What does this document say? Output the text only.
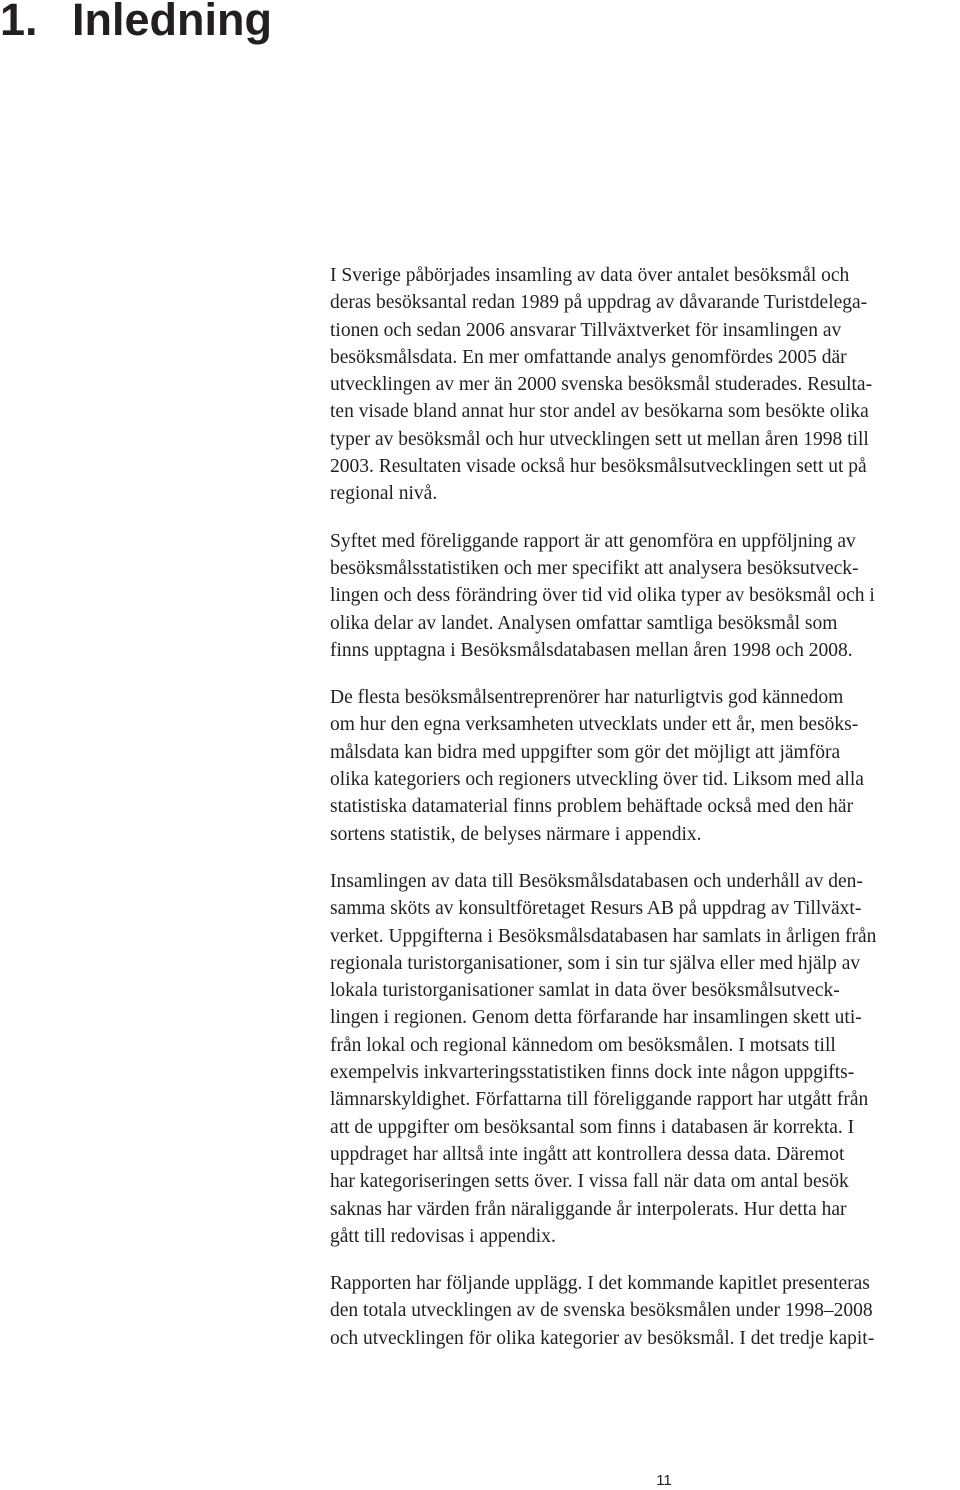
1. Inledning

I Sverige påbörjades insamling av data över antalet besöksmål och
deras besöksantal redan 1989 på uppdrag av dåvarande Turistdelega-
tionen och sedan 2006 ansvarar Tillväxtverket för insamlingen av
besöksmålsdata. En mer omfattande analys genomfördes 2005 där
utvecklingen av mer än 2000 svenska besöksmål studerades. Resulta-
ten visade bland annat hur stor andel av besökarna som besökte olika
typer av besöksmål och hur utvecklingen sett ut mellan åren 1998 till
2003. Resultaten visade också hur besöksmålsutvecklingen sett ut på
regional nivå.

Syftet med föreliggande rapport är att genomföra en uppföljning av
besöksmålsstatistiken och mer specifikt att analysera besöksutveck-
lingen och dess förändring över tid vid olika typer av besöksmål och i
olika delar av landet. Analysen omfattar samtliga besöksmål som
finns upptagna i Besöksmålsdatabasen mellan åren 1998 och 2008.

De flesta besöksmålsentreprenörer har naturligtvis god kännedom
om hur den egna verksamheten utvecklats under ett år, men besöks-
målsdata kan bidra med uppgifter som gör det möjligt att jämföra
olika kategoriers och regioners utveckling över tid. Liksom med alla
statistiska datamaterial finns problem behäftade också med den här
sortens statistik, de belyses närmare i appendix.

Insamlingen av data till Besöksmålsdatabasen och underhåll av den-
samma sköts av konsultföretaget Resurs AB på uppdrag av Tillväxt-
verket. Uppgifterna i Besöksmålsdatabasen har samlats in årligen från
regionala turistorganisationer, som i sin tur själva eller med hjälp av
lokala turistorganisationer samlat in data över besöksmålsutveck-
lingen i regionen. Genom detta förfarande har insamlingen skett uti-
från lokal och regional kännedom om besöksmålen. I motsats till
exempelvis inkvarteringsstatistiken finns dock inte någon uppgifts-
lämnarskyldighet. Författarna till föreliggande rapport har utgått från
att de uppgifter om besöksantal som finns i databasen är korrekta. I
uppdraget har alltså inte ingått att kontrollera dessa data. Däremot
har kategoriseringen setts över. I vissa fall när data om antal besök
saknas har värden från näraliggande år interpolerats. Hur detta har
gått till redovisas i appendix.

Rapporten har följande upplägg. I det kommande kapitlet presenteras
den totala utvecklingen av de svenska besöksmålen under 1998–2008
och utvecklingen för olika kategorier av besöksmål. I det tredje kapit-

11
